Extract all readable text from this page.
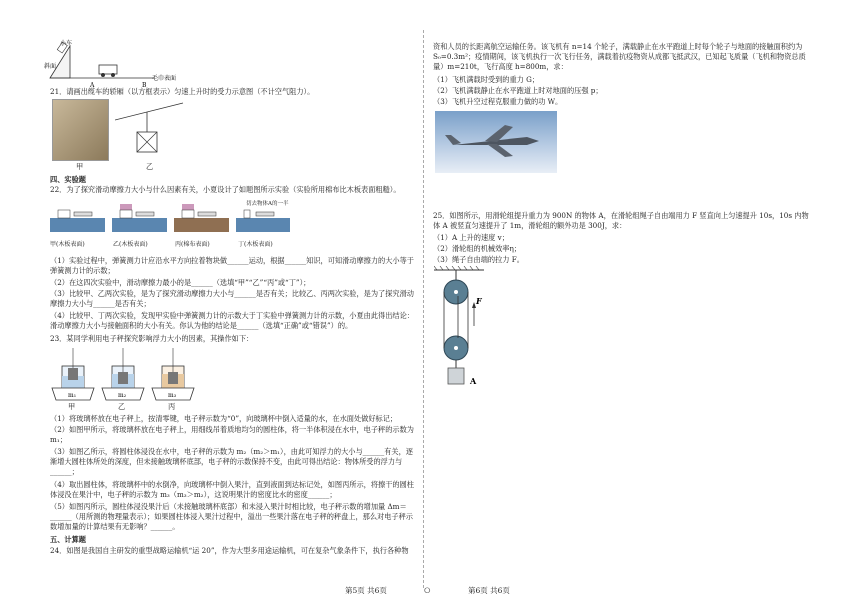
小车
斜面
毛巾表面
A	B
21．请画出缆车的轿厢（以方框表示）匀速上升时的受力示意图（不计空气阻力）。
甲	乙
四、实验题
22．为了探究滑动摩擦力大小与什么因素有关，小夏设计了如题图所示实验（实验所用棉布比木板表面粗糙）。
甲(木板表面)	乙(木板表面)	丙(棉布表面)	丁(木板表面)
切去物体A的一半
（1）实验过程中，弹簧测力计应沿水平方向拉着物块做______运动，根据______知识，可知滑动摩擦力的大小等于弹簧测力计的示数；
（2）在这四次实验中，滑动摩擦力最小的是______（选填“甲”“乙”“丙”或“丁”）；
（3）比较甲、乙两次实验，是为了探究滑动摩擦力大小与______是否有关；比较乙、丙两次实验，是为了探究滑动摩擦力大小与______是否有关；
（4）比较甲、丁两次实验，发现甲实验中弹簧测力计的示数大于丁实验中弹簧测力计的示数，小夏由此得出结论：滑动摩擦力大小与接触面积的大小有关。你认为他的结论是______（选填“正确”或“错误”）的。
23．某同学利用电子秤探究影响浮力大小的因素，其操作如下：
m₁	m₂	m₃
甲	乙	丙
（1）将玻璃杯放在电子秤上，按清零键，电子秤示数为“0”，向玻璃杯中倒入适量的水，在水面处做好标记；
（2）如图甲所示，将玻璃杯放在电子秤上，用细线吊着质地均匀的圆柱体，将一半体积浸在水中，电子秤的示数为 m₁；
（3）如图乙所示，将圆柱体浸没在水中，电子秤的示数为 m₂（m₂＞m₁），由此可知浮力的大小与______有关，逐渐增大圆柱体所处的深度，但未接触玻璃杯底部，电子秤的示数保持不变，由此可得出结论：物体所受的浮力与______；
（4）取出圆柱体，将玻璃杯中的水倒净，向玻璃杯中倒入果汁，直到液面到达标记处，如图丙所示，将擦干的圆柱体浸没在果汁中，电子秤的示数为 m₃（m₃＞m₂），这说明果汁的密度比水的密度______；
（5）如图丙所示，圆柱体浸没果汁后（未接触玻璃杯底部）和未浸入果汁时相比较，电子秤示数的增加量 Δm＝______（用所测的物理量表示）；如果圆柱体浸入果汁过程中，溢出一些果汁落在电子秤的秤盘上，那么对电子秤示数增加量的计算结果有无影响？______。
五、计算题
24．如图是我国自主研发的重型战略运输机“运 20”，作为大型多用途运输机，可在复杂气象条件下，执行各种物
第5页 共6页	⭘
资和人员的长距离航空运输任务。该飞机有 n=14 个轮子，满载静止在水平跑道上时每个轮子与地面的接触面积约为 S₀=0.3m²；疫情期间，该飞机执行一次飞行任务，满载着抗疫物资从成都飞抵武汉，已知起飞质量（飞机和物资总质量）m=210t，飞行高度 h=800m，求：
（1）飞机满载时受到的重力 G；
（2）飞机满载静止在水平跑道上时对地面的压强 p；
（3）飞机升空过程克服重力做的功 W。
25．如图所示，用滑轮组提升重力为 900N 的物体 A，在滑轮组绳子自由端用力 F 竖直向上匀速提升 10s，10s 内物体 A 被竖直匀速提升了 1m，滑轮组的额外功是 300J，求：
（1）A 上升的速度 v；
（2）滑轮组的机械效率η；
（3）绳子自由端的拉力 F。
F
A
第6页 共6页
